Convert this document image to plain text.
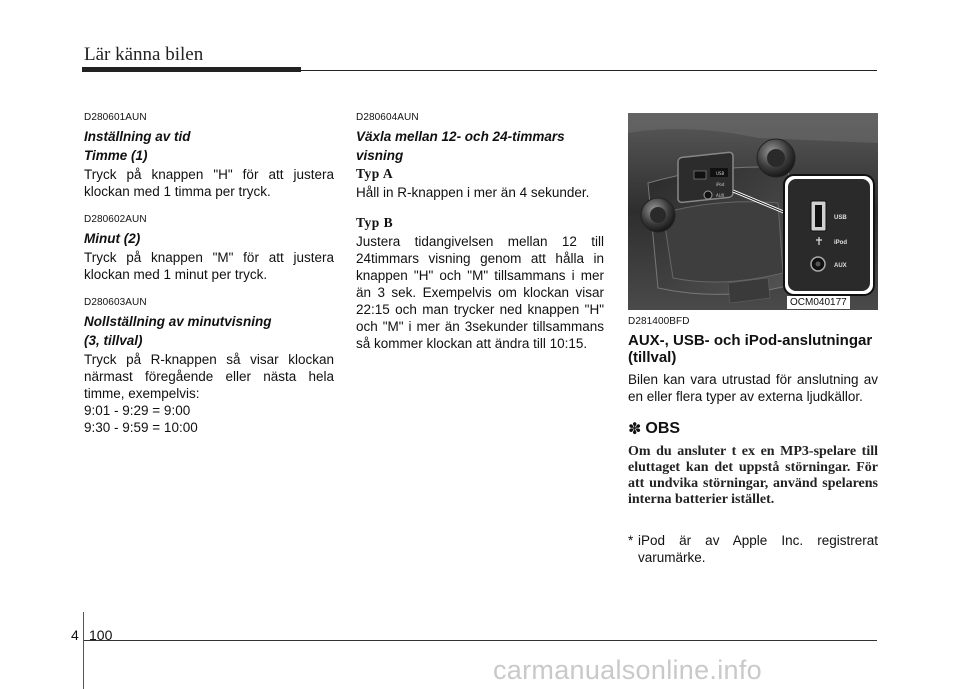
Lär känna bilen
D280601AUN
Inställning av tid
Timme (1)

Tryck på knappen "H" för att justera klockan med 1 timma per tryck.

D280602AUN
Minut (2)

Tryck på knappen "M" för att justera klockan med 1 minut per tryck.

D280603AUN
Nollställning av minutvisning
(3, tillval)

Tryck på R-knappen så visar klockan närmast föregående eller nästa hela timme, exempelvis:

9:01 - 9:29 = 9:00

9:30 - 9:59 = 10:00

D280604AUN
Växla mellan 12- och 24-timmars
visning
Typ A

Håll in R-knappen i mer än 4 sekunder.

Typ B

Justera tidangivelsen mellan 12 till 24timmars visning genom att hålla in knappen "H" och "M" tillsammans i mer än 3 sek. Exempelvis om klockan visar 22:15 och man trycker ned knappen "H" och "M" i mer än 3sekunder tillsammans så kommer klockan att ändra till 10:15.

USB
iPod
AUX
USB
iPod
AUX
OCM040177
D281400BFD
AUX-, USB- och iPod-anslutningar
(tillval)

Bilen kan vara utrustad för anslutning av en eller flera typer av externa ljudkällor.

✽ OBS

Om du ansluter t ex en MP3-spelare till eluttaget kan det uppstå störningar. För att undvika störningar, använd spelarens interna batterier istället.

* iPod är av Apple Inc. registrerat varumärke.
4 100
carmanualsonline.info
